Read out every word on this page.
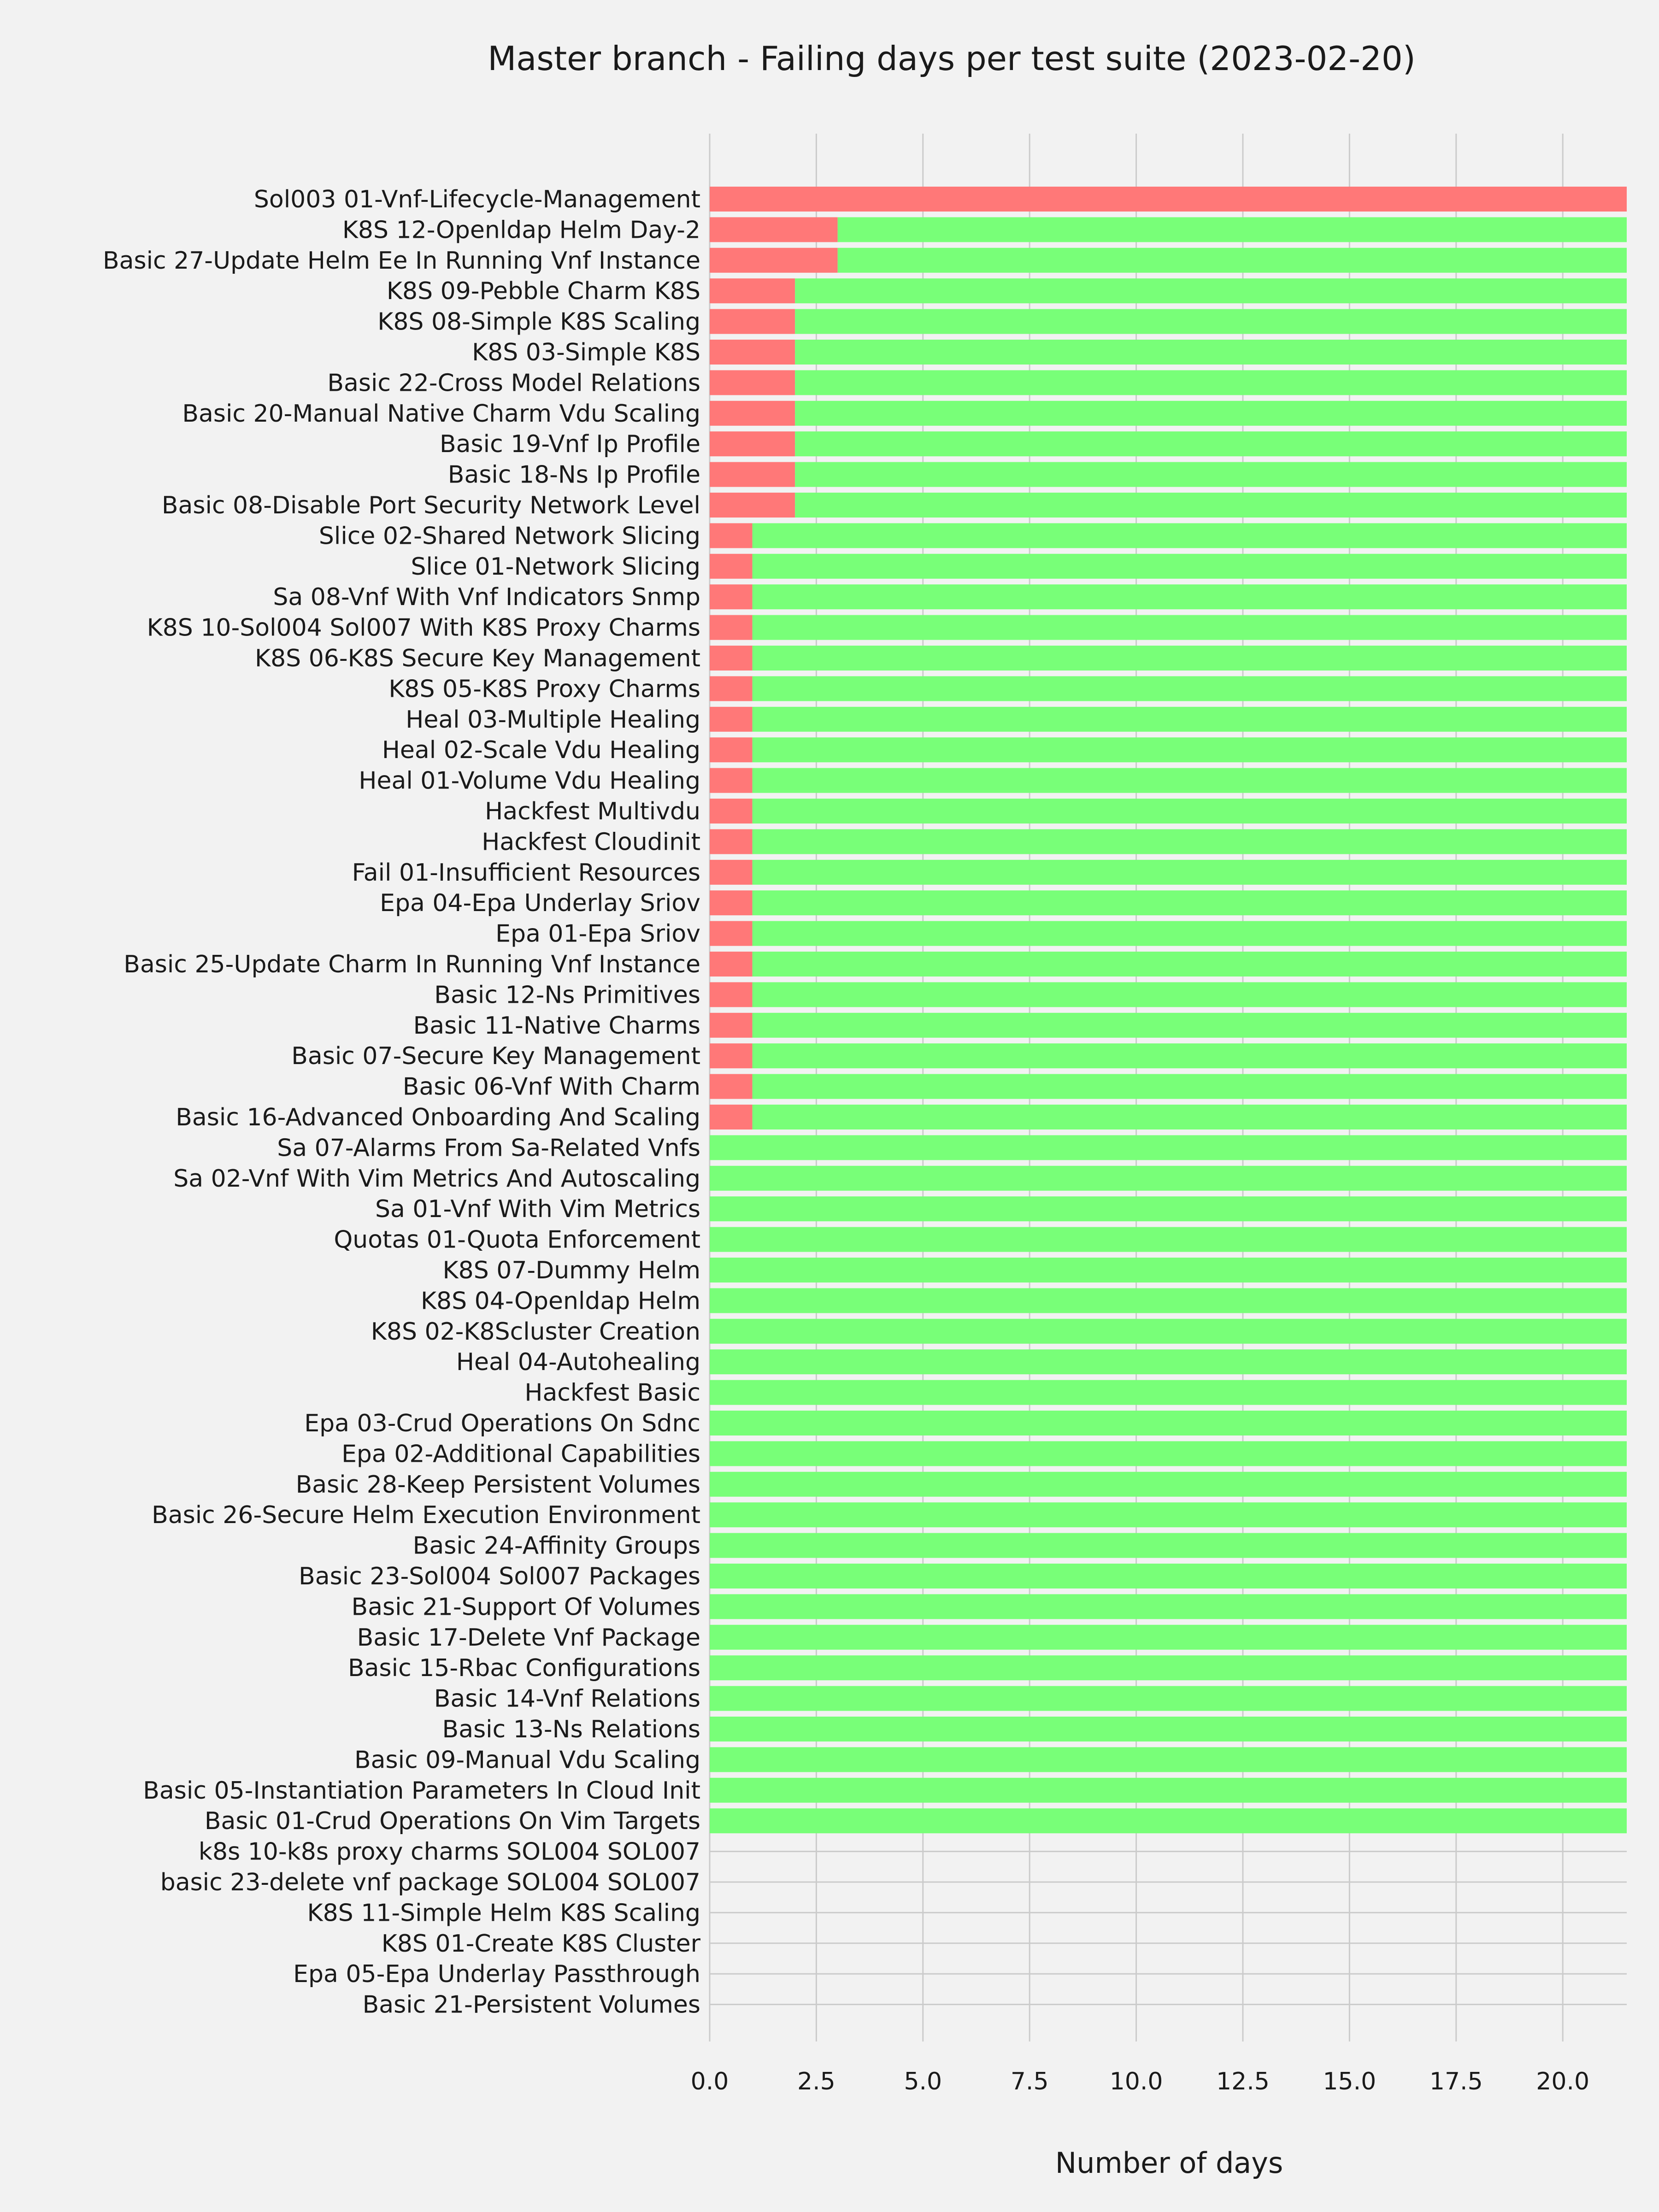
Master branch - Failing days per test suite (2023-02-20)
Sol003 01-Vnf-Lifecycle-Management
K8S 12-Openldap Helm Day-2
Basic 27-Update Helm Ee In Running Vnf Instance
K8S 09-Pebble Charm K8S
K8S 08-Simple K8S Scaling
K8S 03-Simple K8S
Basic 22-Cross Model Relations
Basic 20-Manual Native Charm Vdu Scaling
Basic 19-Vnf Ip Profile
Basic 18-Ns Ip Profile
Basic 08-Disable Port Security Network Level
Slice 02-Shared Network Slicing
Slice 01-Network Slicing
Sa 08-Vnf With Vnf Indicators Snmp
K8S 10-Sol004 Sol007 With K8S Proxy Charms
K8S 06-K8S Secure Key Management
K8S 05-K8S Proxy Charms
Heal 03-Multiple Healing
Heal 02-Scale Vdu Healing
Heal 01-Volume Vdu Healing
Hackfest Multivdu
Hackfest Cloudinit
Fail 01-Insufficient Resources
Epa 04-Epa Underlay Sriov
Epa 01-Epa Sriov
Basic 25-Update Charm In Running Vnf Instance
Basic 12-Ns Primitives
Basic 11-Native Charms
Basic 07-Secure Key Management
Basic 06-Vnf With Charm
Basic 16-Advanced Onboarding And Scaling
Sa 07-Alarms From Sa-Related Vnfs
Sa 02-Vnf With Vim Metrics And Autoscaling
Sa 01-Vnf With Vim Metrics
Quotas 01-Quota Enforcement
K8S 07-Dummy Helm
K8S 04-Openldap Helm
K8S 02-K8Scluster Creation
Heal 04-Autohealing
Hackfest Basic
Epa 03-Crud Operations On Sdnc
Epa 02-Additional Capabilities
Basic 28-Keep Persistent Volumes
Basic 26-Secure Helm Execution Environment
Basic 24-Affinity Groups
Basic 23-Sol004 Sol007 Packages
Basic 21-Support Of Volumes
Basic 17-Delete Vnf Package
Basic 15-Rbac Configurations
Basic 14-Vnf Relations
Basic 13-Ns Relations
Basic 09-Manual Vdu Scaling
Basic 05-Instantiation Parameters In Cloud Init
Basic 01-Crud Operations On Vim Targets
k8s 10-k8s proxy charms SOL004 SOL007
basic 23-delete vnf package SOL004 SOL007
K8S 11-Simple Helm K8S Scaling
K8S 01-Create K8S Cluster
Epa 05-Epa Underlay Passthrough
Basic 21-Persistent Volumes
0.0	2.5	5.0	7.5	10.0 12.5 15.0 17.5 20.0
Number of days
